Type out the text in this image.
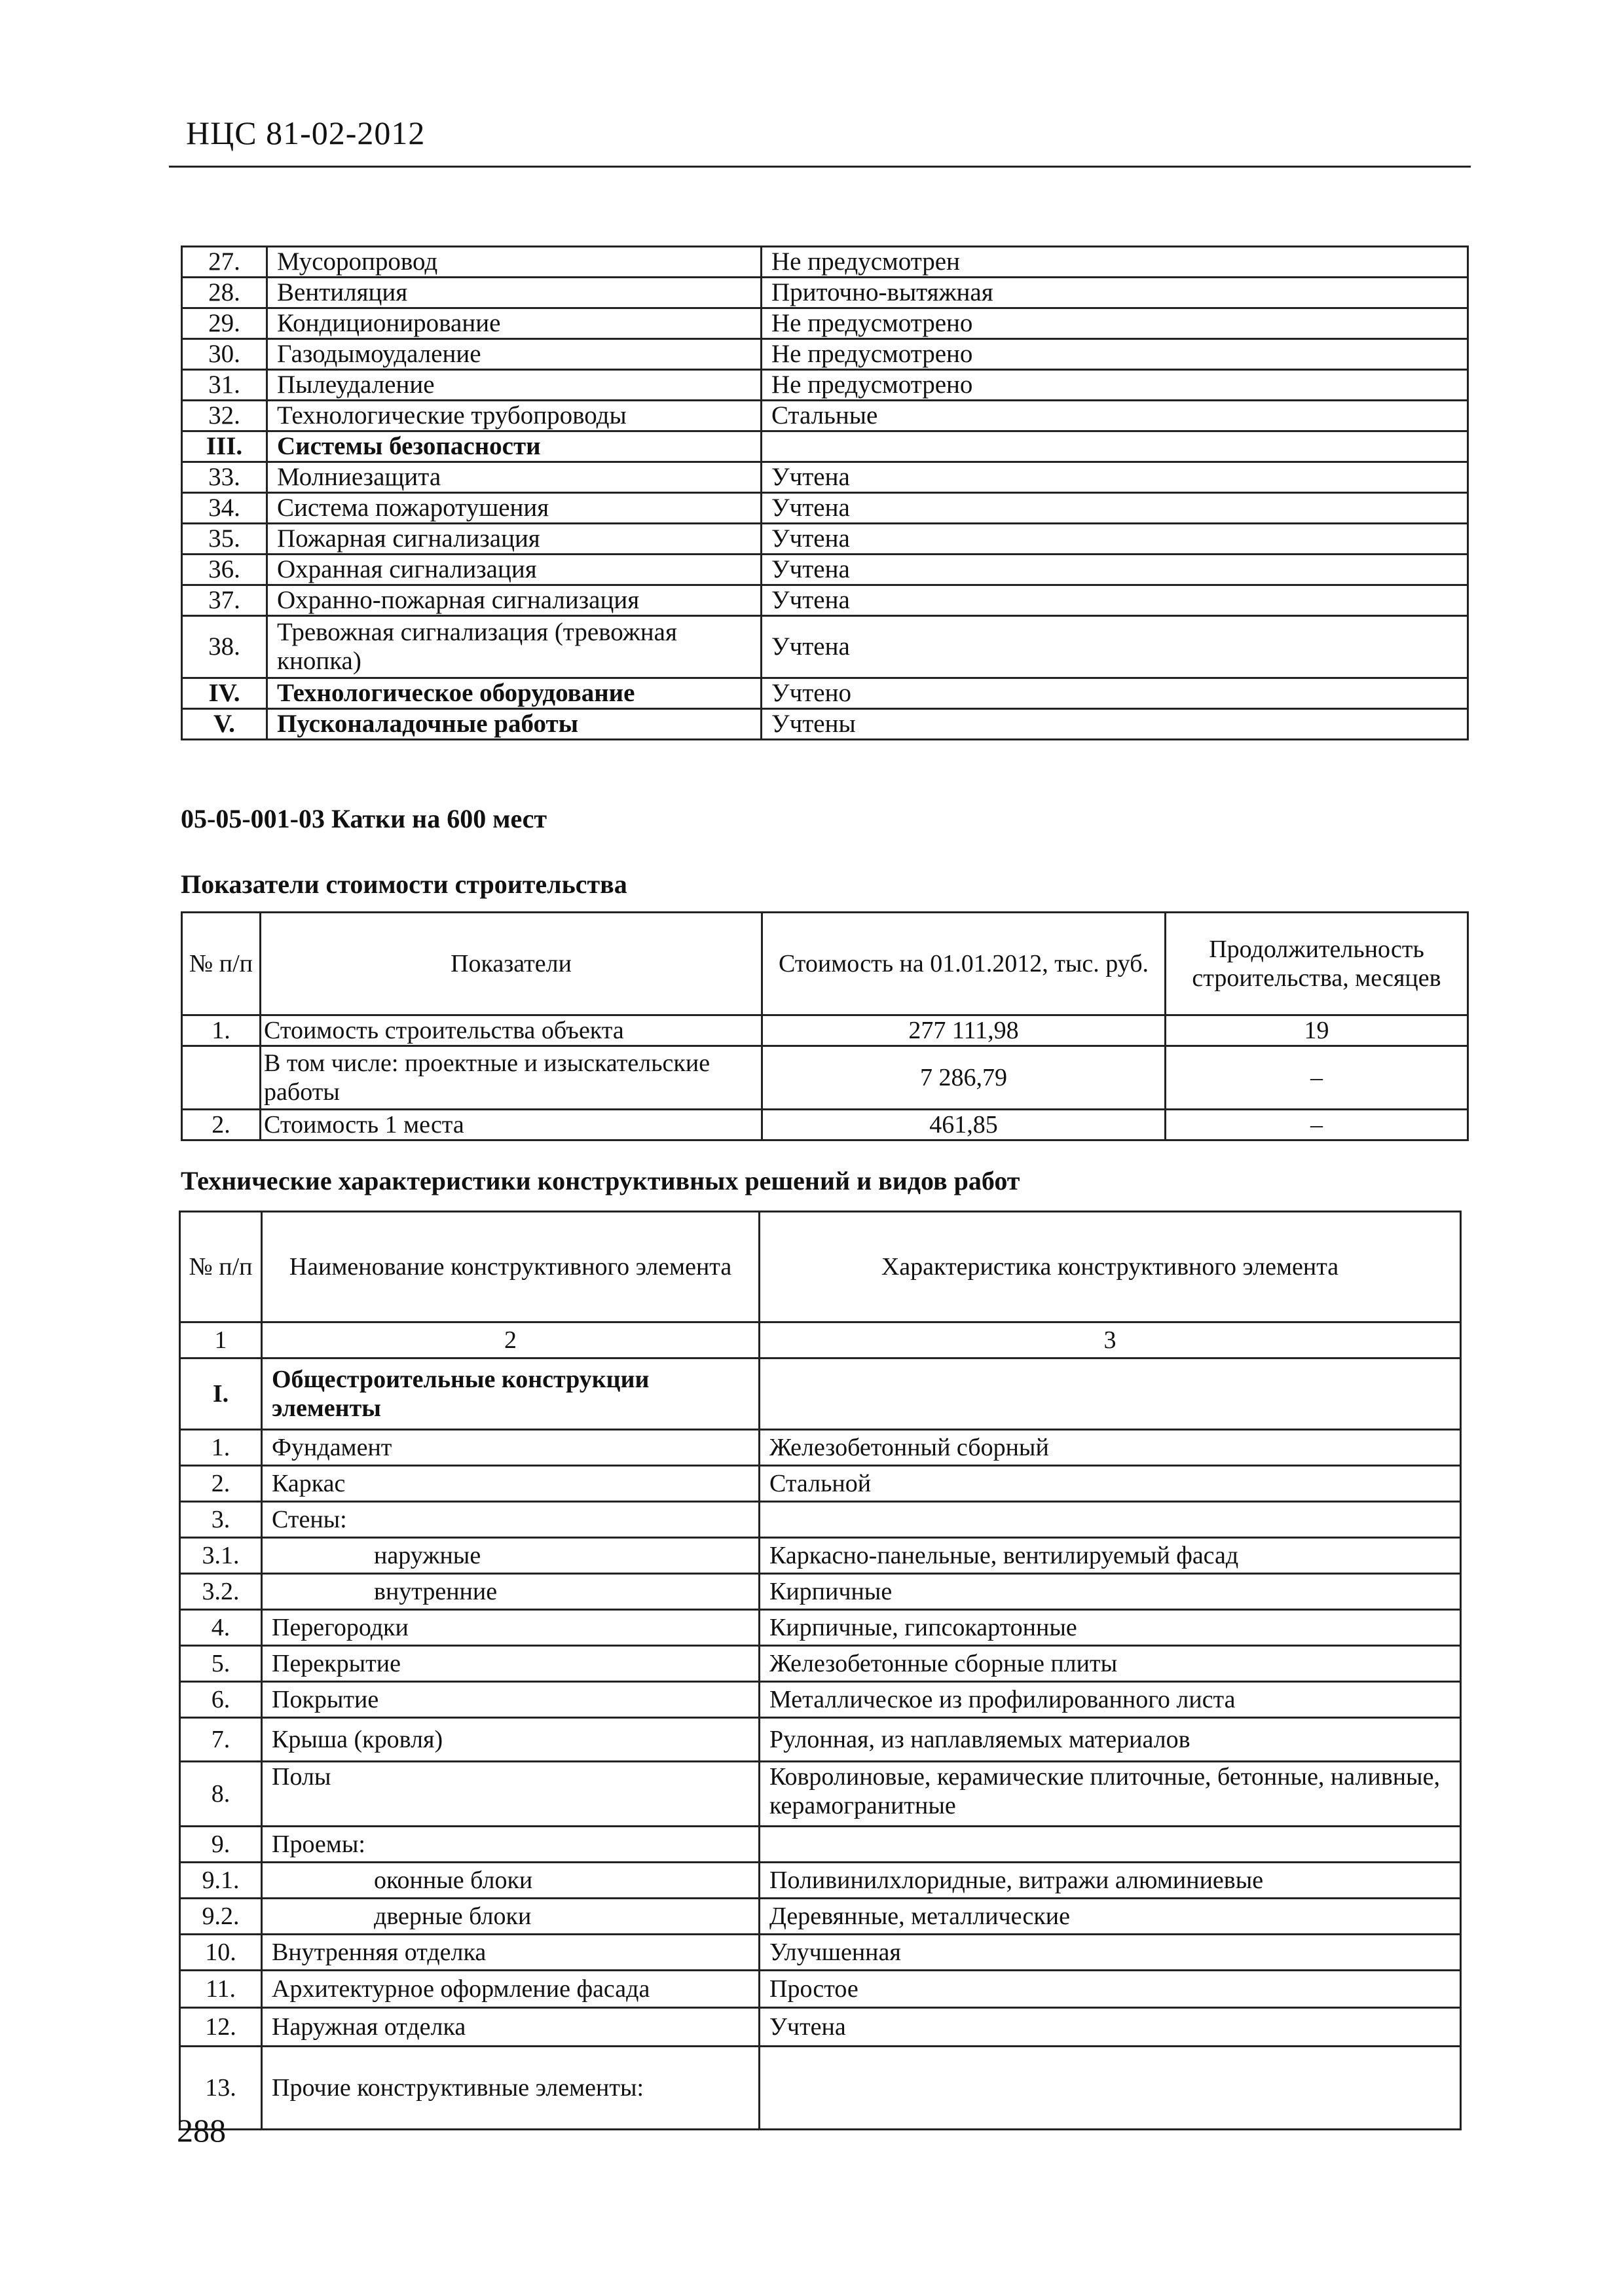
НЦС 81-02-2012
27.	Мусоропровод	Не предусмотрен
28.	Вентиляция	Приточно-вытяжная
29.	Кондиционирование	Не предусмотрено
30.	Газодымоудаление	Не предусмотрено
31.	Пылеудаление	Не предусмотрено
32.	Технологические трубопроводы	Стальные
III.	Системы безопасности	
33.	Молниезащита	Учтена
34.	Система пожаротушения	Учтена
35.	Пожарная сигнализация	Учтена
36.	Охранная сигнализация	Учтена
37.	Охранно-пожарная сигнализация	Учтена
38.	Тревожная сигнализация (тревожная кнопка)	Учтена
IV.	Технологическое оборудование	Учтено
V.	Пусконаладочные работы	Учтены
05-05-001-03 Катки на 600 мест
Показатели стоимости строительства
№ п/п	Показатели	Стоимость на 01.01.2012, тыс. руб.	Продолжительность строительства, месяцев
1.	Стоимость строительства объекта	277 111,98	19
	В том числе: проектные и изыскательские работы	7 286,79	–
2.	Стоимость 1 места	461,85	–
Технические характеристики конструктивных решений и видов работ
№ п/п	Наименование конструктивного элемента	Характеристика конструктивного элемента
1	2	3
I.	Общестроительные конструкции элементы	
1.	Фундамент	Железобетонный сборный
2.	Каркас	Стальной
3.	Стены:	
3.1.	наружные	Каркасно-панельные, вентилируемый фасад
3.2.	внутренние	Кирпичные
4.	Перегородки	Кирпичные, гипсокартонные
5.	Перекрытие	Железобетонные сборные плиты
6.	Покрытие	Металлическое из профилированного листа
7.	Крыша (кровля)	Рулонная, из наплавляемых материалов
8.	Полы	Ковролиновые, керамические плиточные, бетонные, наливные, керамогранитные
9.	Проемы:	
9.1.	оконные блоки	Поливинилхлоридные, витражи алюминиевые
9.2.	дверные блоки	Деревянные, металлические
10.	Внутренняя отделка	Улучшенная
11.	Архитектурное оформление фасада	Простое
12.	Наружная отделка	Учтена
13.	Прочие конструктивные элементы:	
288
